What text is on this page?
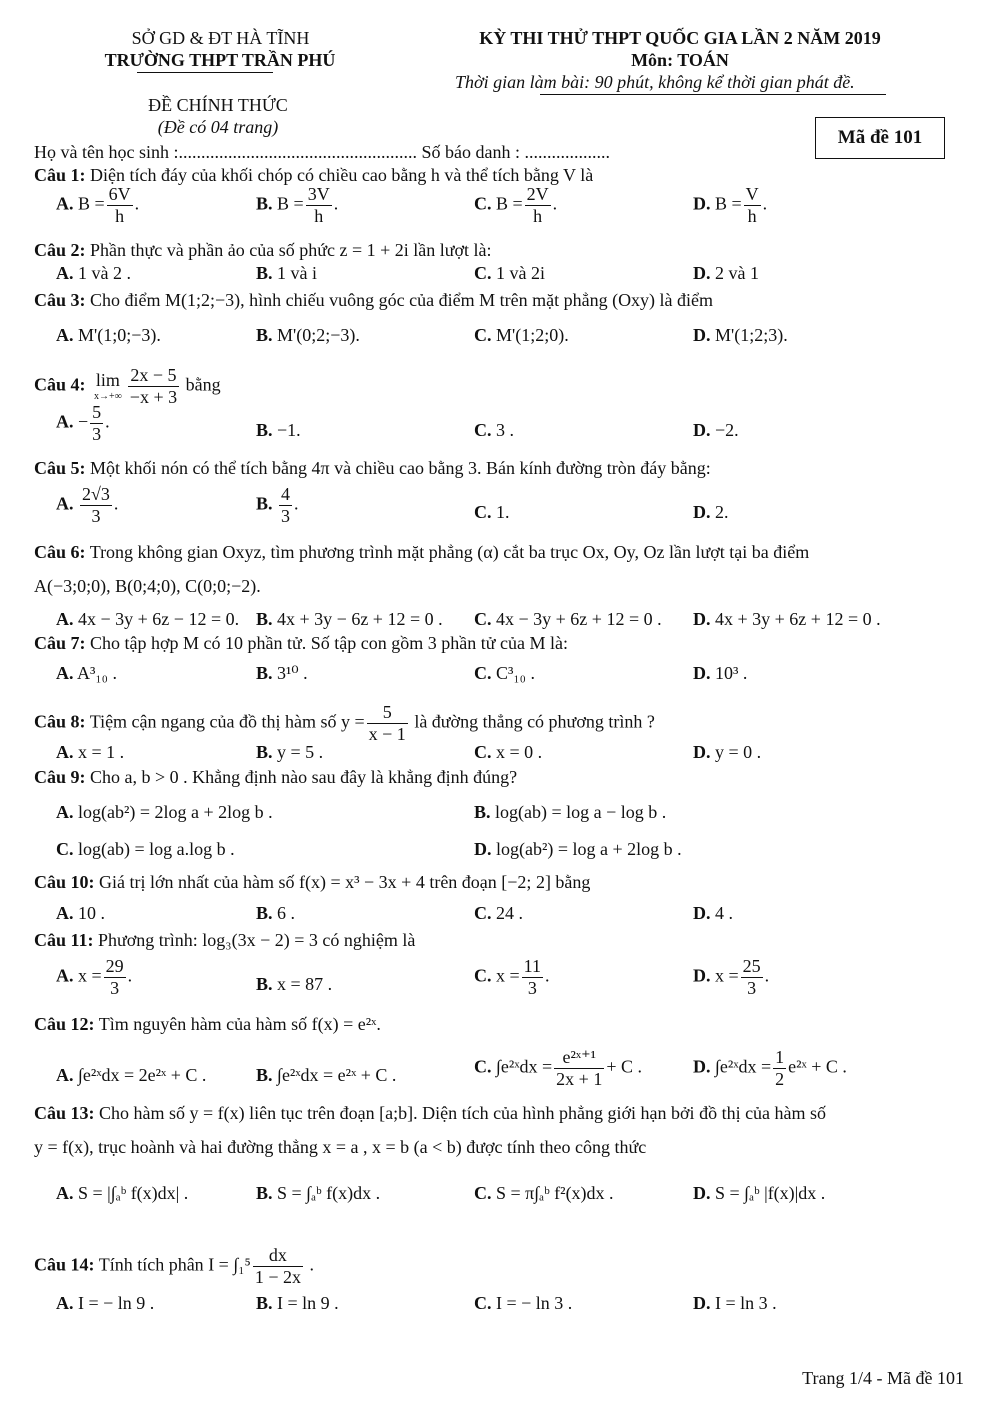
SỞ GD & ĐT HÀ TĨNH
TRƯỜNG THPT TRẦN PHÚ
KỲ THI THỬ THPT QUỐC GIA LẦN 2 NĂM 2019
Môn: TOÁN
Thời gian làm bài: 90 phút, không kể thời gian phát đề.
ĐỀ CHÍNH THỨC
(Đề có 04 trang)	Mã đề 101
Họ và tên học sinh :..................................................... Số báo danh : ...................
Câu 1: Diện tích đáy của khối chóp có chiều cao bằng h và thể tích bằng V là
A. $B = \frac{6V}{h}$ .	B. $B = \frac{3V}{h}$ .	C. $B = \frac{2V}{h}$ .	D. $B = \frac{V}{h}$ .
Câu 2: Phần thực và phần ảo của số phức z = 1 + 2i lần lượt là:
A. 1 và 2 .	B. 1 và i	C. 1 và 2i	D. 2 và 1
Câu 3: Cho điểm M(1;2;−3), hình chiếu vuông góc của điểm M trên mặt phẳng (Oxy) là điểm
A. M'(1;0;−3).	B. M'(0;2;−3).	C. M'(1;2;0).	D. M'(1;2;3).
Câu 4: lim
$x\to+\infty \frac{2x - 5}{-x + 3}$ bằng
A. − $\frac{5}{3}$ .	B. −1.	C. 3 .	D. −2.
Câu 5: Một khối nón có thể tích bằng 4π và chiều cao bằng 3. Bán kính đường tròn đáy bằng:
A. $\frac{2√3}{3}$ .	B. $\frac{4}{3}$ .	C. 1.	D. 2.
Câu 6: Trong không gian Oxyz, tìm phương trình mặt phẳng (α) cắt ba trục Ox, Oy, Oz lần lượt tại ba điểm
A(−3;0;0), B(0;4;0), C(0;0;−2).
A. 4x − 3y + 6z − 12 = 0. B. 4x + 3y − 6z + 12 = 0 . C. 4x − 3y + 6z + 12 = 0 . D. 4x + 3y + 6z + 12 = 0 .
Câu 7: Cho tập hợp M có 10 phần tử. Số tập con gồm 3 phần tử của M là:
A. A³₁₀ .	B. 3¹⁰ .	C. C³₁₀ .	D. 10³ .
Câu 8: Tiệm cận ngang của đồ thị hàm số $y = \frac{5}{x - 1}$ là đường thẳng có phương trình ?
A. x = 1 .	B. y = 5 .	C. x = 0 .	D. y = 0 .
Câu 9: Cho a, b > 0 . Khẳng định nào sau đây là khẳng định đúng?
A. log(ab²) = 2log a + 2log b .	B. log(ab) = log a − log b .
C. log(ab) = log a.log b .	D. log(ab²) = log a + 2log b .
Câu 10: Giá trị lớn nhất của hàm số f(x) = x³ − 3x + 4 trên đoạn [−2; 2] bằng
A. 10 .	B. 6 .	C. 24 .	D. 4 .
Câu 11: Phương trình: log₃(3x − 2) = 3 có nghiệm là
A. $x = \frac{29}{3}$ .	B. x = 87 .	C. $x = \frac{11}{3}$ .	D. $x = \frac{25}{3}$ .
Câu 12: Tìm nguyên hàm của hàm số f(x) = e²ˣ.
A. ∫e²ˣdx = 2e²ˣ + C .	B. ∫e²ˣdx = e²ˣ + C .	C. ∫e²ˣdx = $\frac{\text{e²ˣ⁺¹}}{2x + 1} + C$ .	D. ∫e²ˣdx = $\frac{1}{2}$ e²ˣ + C .
Câu 13: Cho hàm số y = f(x) liên tục trên đoạn [a;b]. Diện tích của hình phẳng giới hạn bởi đồ thị của hàm số
y = f(x), trục hoành và hai đường thẳng x = a , x = b (a < b) được tính theo công thức
A. S = |∫ₐᵇ f(x)dx| .	B. S = ∫ₐᵇ f(x)dx .	C. S = π∫ₐᵇ f²(x)dx .	D. S = ∫ₐᵇ |f(x)|dx .
Câu 14: Tính tích phân $I = \int_1^5 \frac{dx}{1 - 2x}$ .
A. I = − ln 9 .	B. I = ln 9 .	C. I = − ln 3 .	D. I = ln 3 .
Trang 1/4 - Mã đề 101
